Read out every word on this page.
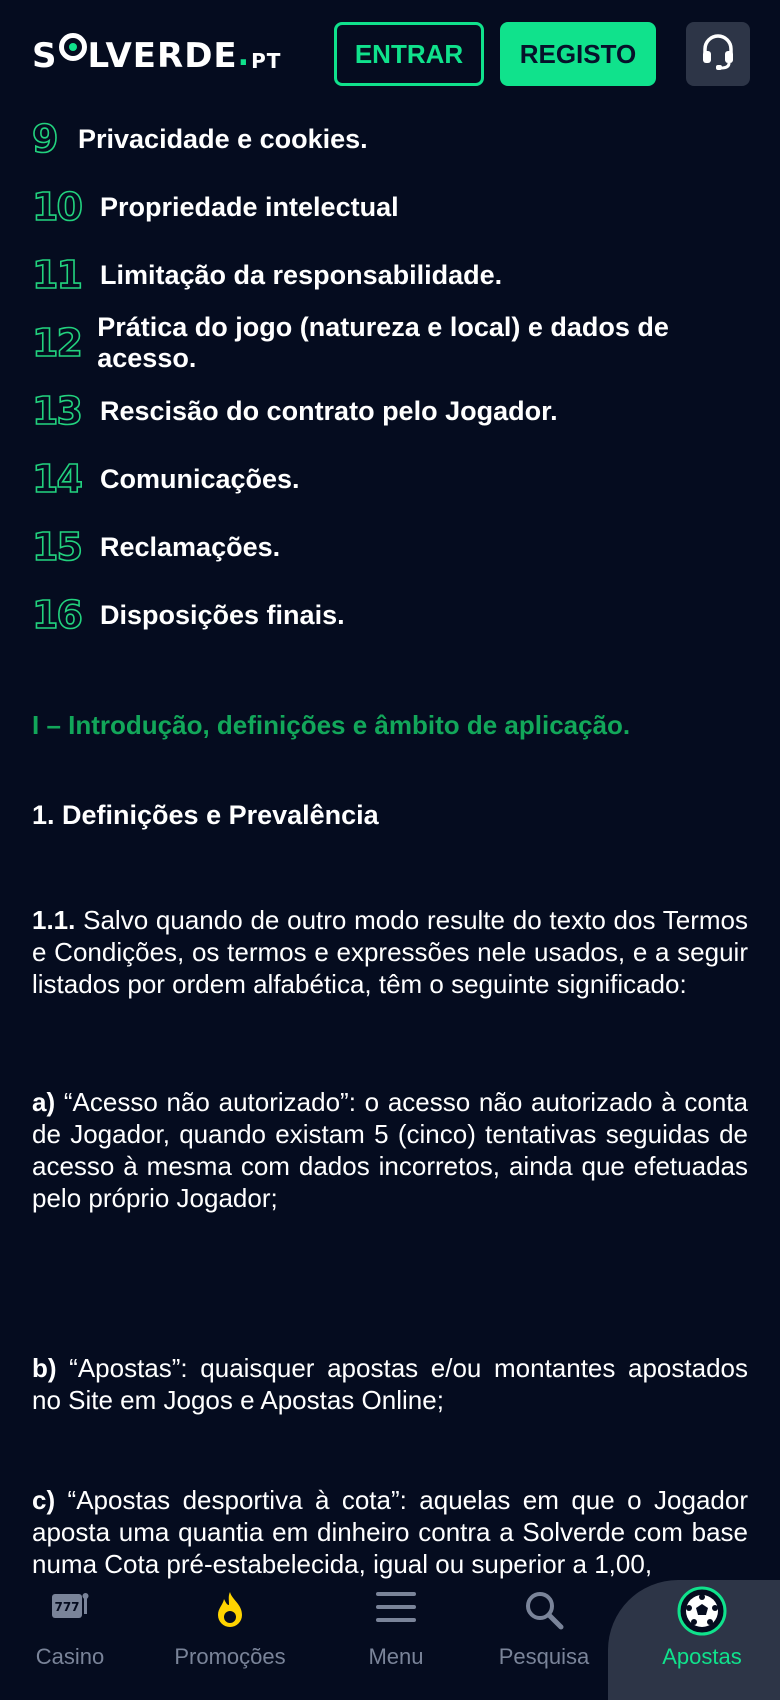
S LVERDE . PT	ENTRAR	REGISTO
9 Privacidade e cookies.
10 Propriedade intelectual
11 Limitação da responsabilidade.
12 Prática do jogo (natureza e local) e dados de acesso.
13 Rescisão do contrato pelo Jogador.
14 Comunicações.
15 Reclamações.
16 Disposições finais.
I – Introdução, definições e âmbito de aplicação.
1. Definições e Prevalência
1.1. Salvo quando de outro modo resulte do texto dos Termos e Condições, os termos e expressões nele usados, e a seguir listados por ordem alfabética, têm o seguinte significado:
a) “Acesso não autorizado”: o acesso não autorizado à conta de Jogador, quando existam 5 (cinco) tentativas seguidas de acesso à mesma com dados incorretos, ainda que efetuadas pelo próprio Jogador;
b) “Apostas”: quaisquer apostas e/ou montantes apostados no Site em Jogos e Apostas Online;
c) “Apostas desportiva à cota”: aquelas em que o Jogador aposta uma quantia em dinheiro contra a Solverde com base numa Cota pré-estabelecida, igual ou superior a 1,00,
777
Casino	Promoções	Menu	Pesquisa	Apostas
